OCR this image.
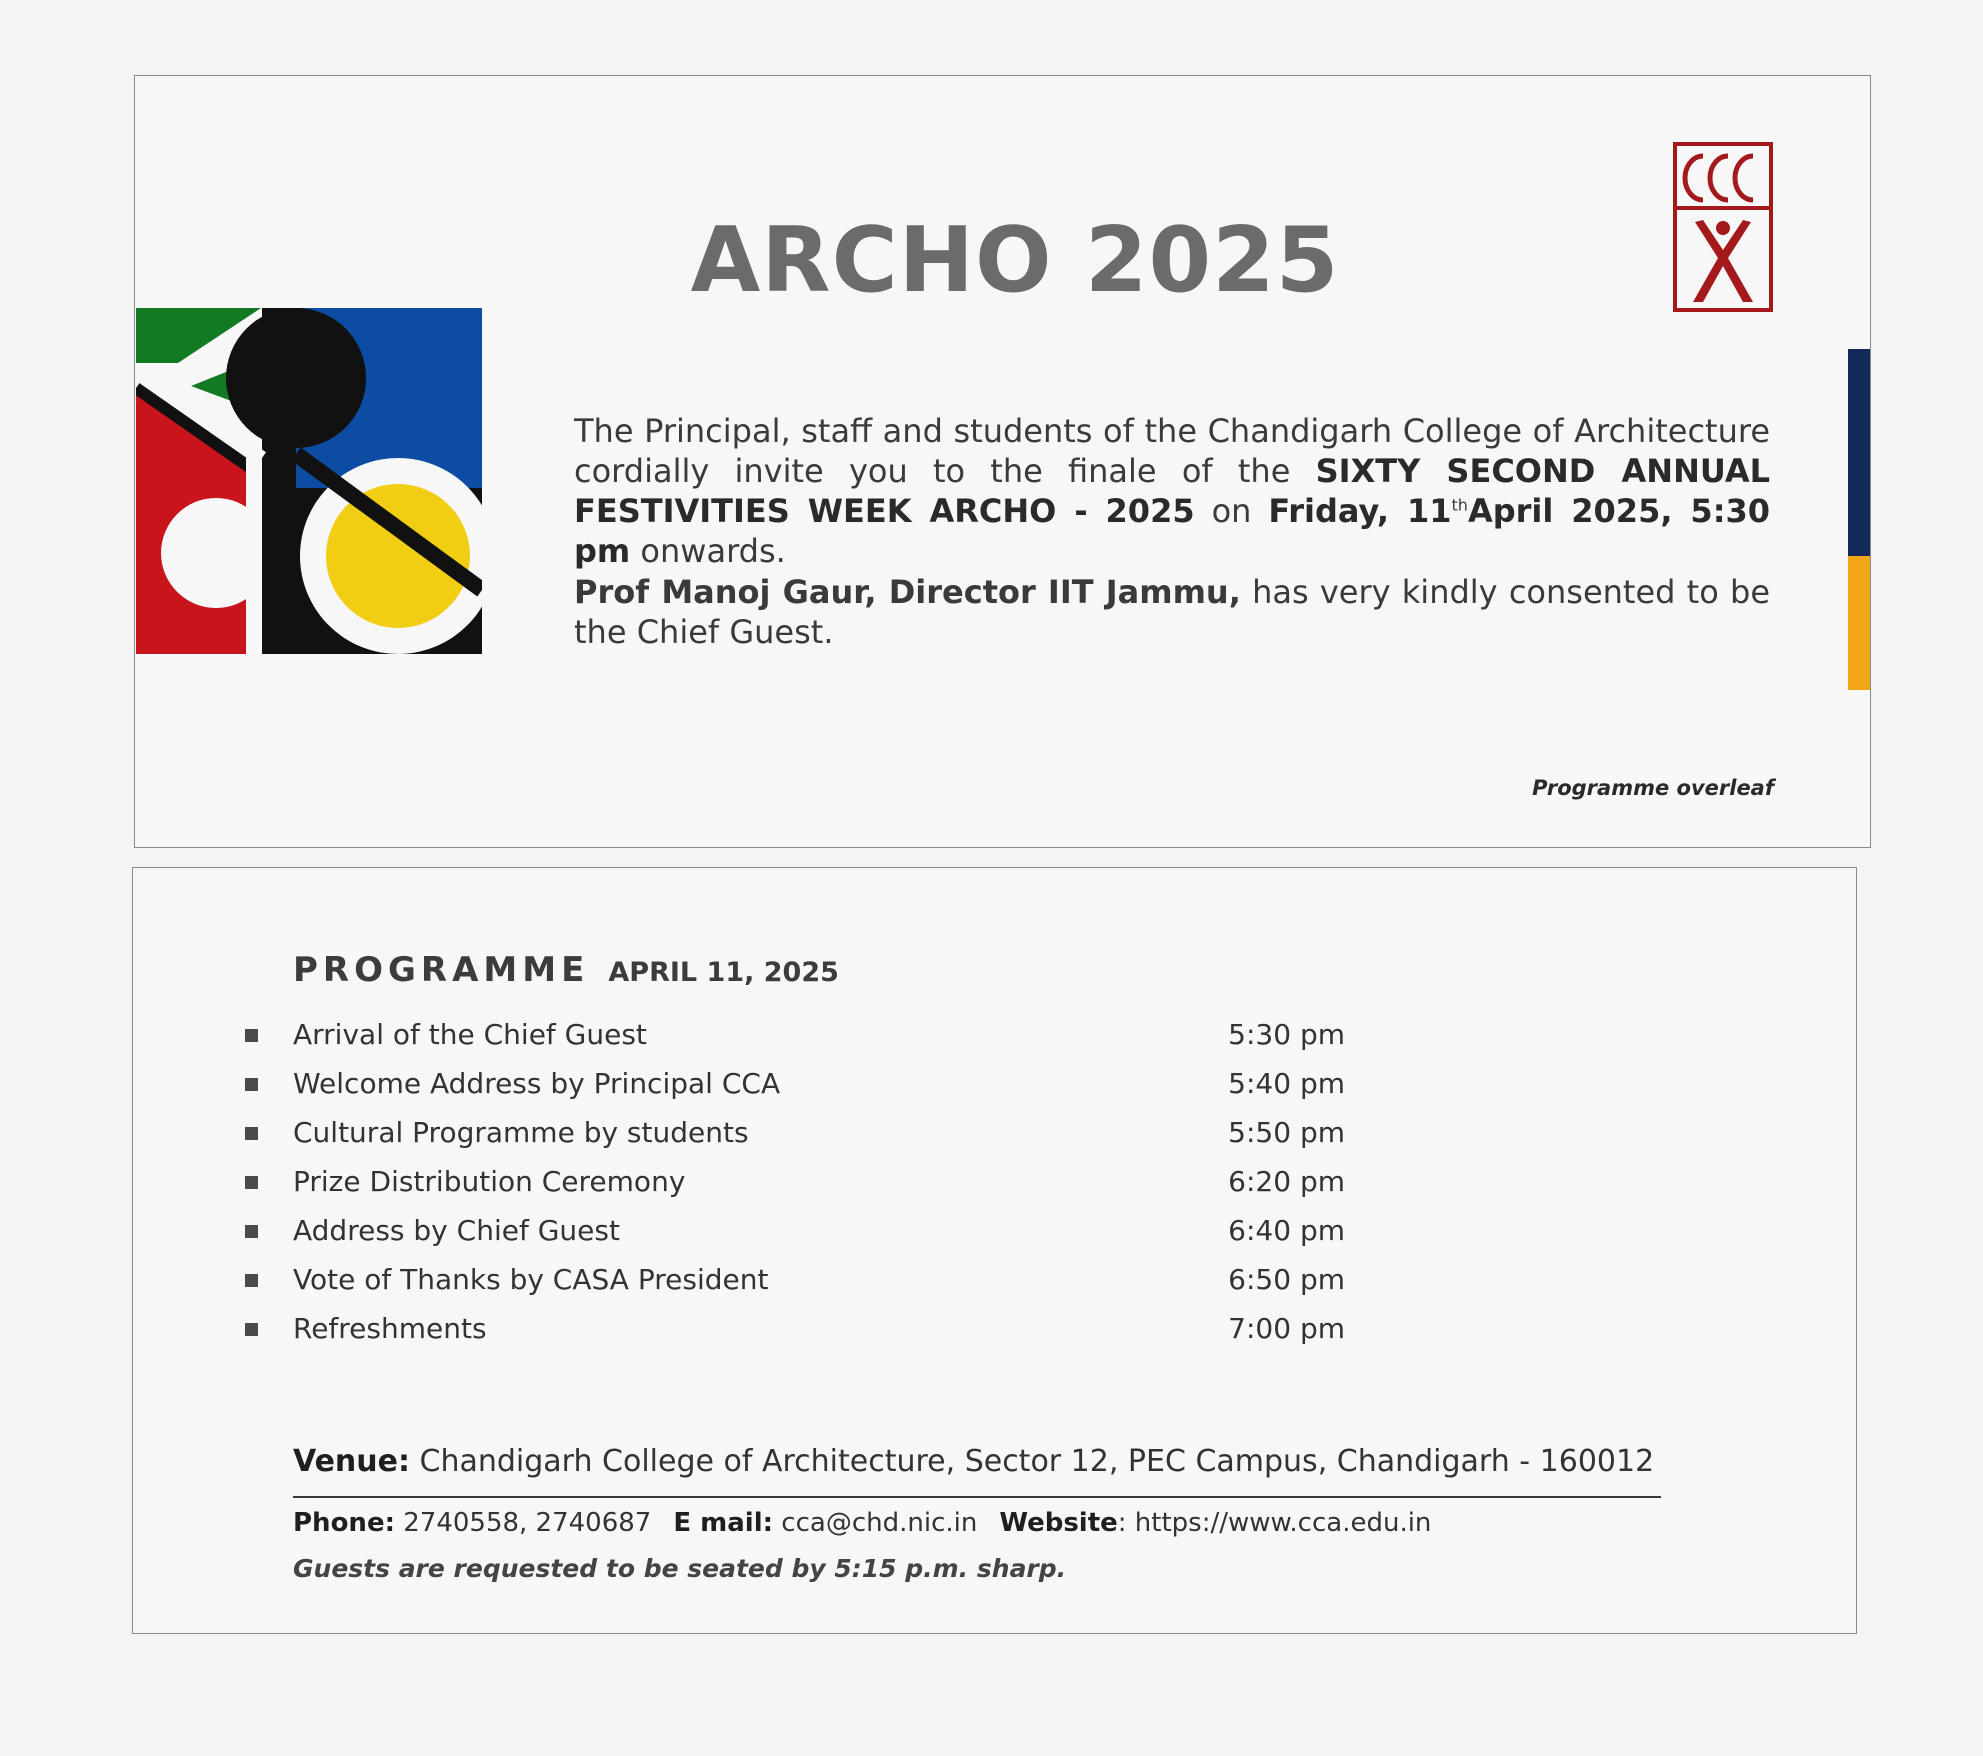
ARCHO 2025

The Principal, staff and students of the Chandigarh College of Architecture cordially invite you to the finale of the SIXTY SECOND ANNUAL FESTIVITIES WEEK ARCHO - 2025 on Friday, 11thApril 2025, 5:30 pm onwards.

Prof Manoj Gaur, Director IIT Jammu, has very kindly consented to be the Chief Guest.

Programme overleaf
PROGRAMME APRIL 11, 2025
Arrival of the Chief Guest	5:30 pm
Welcome Address by Principal CCA	5:40 pm
Cultural Programme by students	5:50 pm
Prize Distribution Ceremony	6:20 pm
Address by Chief Guest	6:40 pm
Vote of Thanks by CASA President	6:50 pm
Refreshments	7:00 pm
Venue: Chandigarh College of Architecture, Sector 12, PEC Campus, Chandigarh - 160012
Phone: 2740558, 2740687 E mail: cca@chd.nic.in Website: https://www.cca.edu.in
Guests are requested to be seated by 5:15 p.m. sharp.
